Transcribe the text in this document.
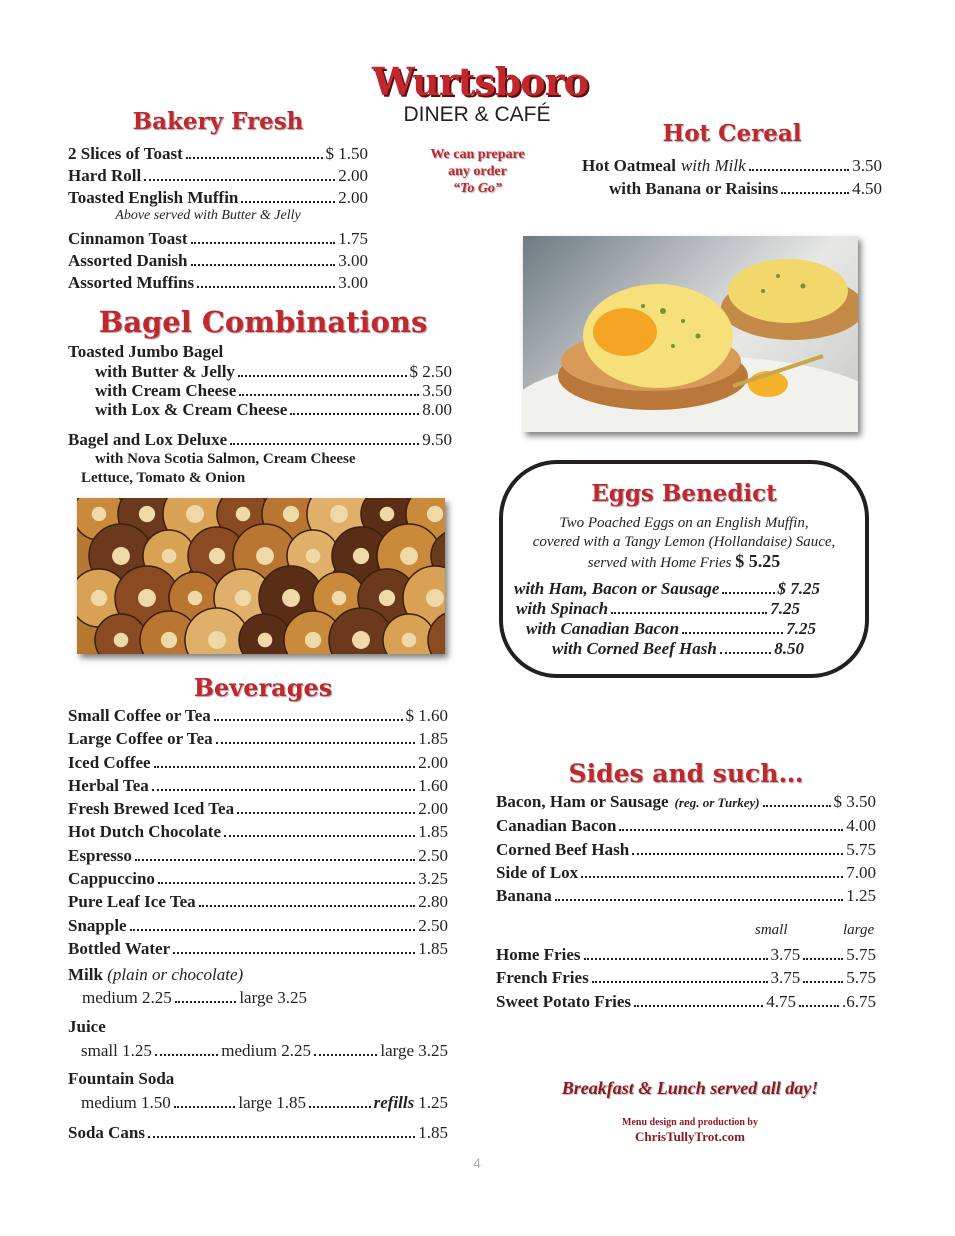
Wurtsboro
DINER & CAFÉ
We can prepare
any order
“To Go”
Bakery Fresh
2 Slices of Toast	$ 1.50
Hard Roll	2.00
Toasted English Muffin	2.00
Above served with Butter & Jelly
Cinnamon Toast	1.75
Assorted Danish	3.00
Assorted Muffins	3.00
Hot Cereal
Hot Oatmeal with Milk	3.50
with Banana or Raisins	4.50
Bagel Combinations
Toasted Jumbo Bagel
with Butter & Jelly	$ 2.50
with Cream Cheese	3.50
with Lox & Cream Cheese	8.00
Bagel and Lox Deluxe	9.50
with Nova Scotia Salmon, Cream Cheese
Lettuce, Tomato & Onion
Eggs Benedict
Two Poached Eggs on an English Muffin,
covered with a Tangy Lemon (Hollandaise) Sauce,
served with Home Fries $ 5.25
with Ham, Bacon or Sausage	$ 7.25
with Spinach	7.25
with Canadian Bacon	7.25
with Corned Beef Hash	8.50
Beverages
Small Coffee or Tea	$ 1.60
Large Coffee or Tea	1.85
Iced Coffee	2.00
Herbal Tea	1.60
Fresh Brewed Iced Tea	2.00
Hot Dutch Chocolate	1.85
Espresso	2.50
Cappuccino	3.25
Pure Leaf Ice Tea	2.80
Snapple	2.50
Bottled Water	1.85
Milk (plain or chocolate)
medium 2.25	large 3.25
Juice
small 1.25	medium 2.25	large 3.25
Fountain Soda
medium 1.50	large 1.85	refills 1.25
Soda Cans	1.85
Sides and such…
Bacon, Ham or Sausage (reg. or Turkey)	$ 3.50
Canadian Bacon	4.00
Corned Beef Hash	5.75
Side of Lox	7.00
Banana	1.25
small	large
Home Fries	3.75	5.75
French Fries	3.75	5.75
Sweet Potato Fries	4.75	.6.75
Breakfast & Lunch served all day!
Menu design and production by
ChrisTullyTrot.com
4
